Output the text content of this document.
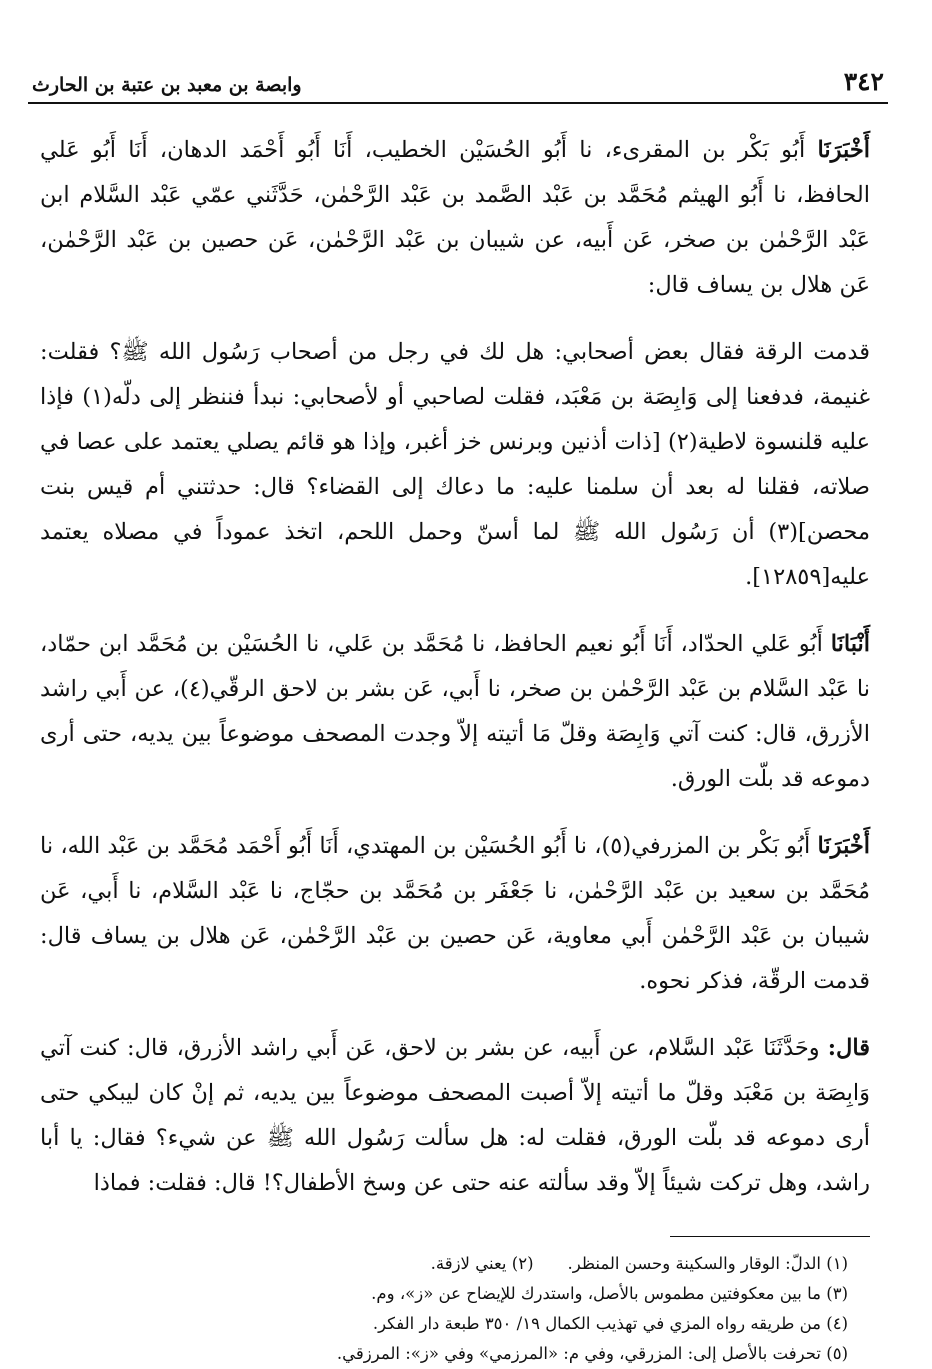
٣٤٢
وابصة بن معبد بن عتبة بن الحارث

أَخْبَرَنَا أَبُو بَكْر بن المقرىء، نا أَبُو الحُسَيْن الخطيب، أَنَا أَبُو أَحْمَد الدهان، أَنَا أَبُو عَلي الحافظ، نا أَبُو الهيثم مُحَمَّد بن عَبْد الصَّمد بن عَبْد الرَّحْمٰن، حَدَّثَني عمّي عَبْد السَّلام ابن عَبْد الرَّحْمٰن بن صخر، عَن أَبيه، عن شيبان بن عَبْد الرَّحْمٰن، عَن حصين بن عَبْد الرَّحْمٰن، عَن هلال بن يساف قال:

قدمت الرقة فقال بعض أصحابي: هل لك في رجل من أصحاب رَسُول الله ﷺ؟ فقلت: غنيمة، فدفعنا إلى وَابِصَة بن مَعْبَد، فقلت لصاحبي أو لأصحابي: نبدأ فننظر إلى دلّه(١) فإذا عليه قلنسوة لاطية(٢) [ذات أذنين وبرنس خز أغبر، وإذا هو قائم يصلي يعتمد على عصا في صلاته، فقلنا له بعد أن سلمنا عليه: ما دعاك إلى القضاء؟ قال: حدثتني أم قيس بنت محصن](٣) أن رَسُول الله ﷺ لما أسنّ وحمل اللحم، اتخذ عموداً في مصلاه يعتمد عليه[١٢٨٥٩].

أَنْبَانَا أَبُو عَلي الحدّاد، أَنَا أَبُو نعيم الحافظ، نا مُحَمَّد بن عَلي، نا الحُسَيْن بن مُحَمَّد ابن حمّاد، نا عَبْد السَّلام بن عَبْد الرَّحْمٰن بن صخر، نا أَبي، عَن بشر بن لاحق الرقّي(٤)، عن أَبي راشد الأزرق، قال: كنت آتي وَابِصَة وقلّ مَا أتيته إلاّ وجدت المصحف موضوعاً بين يديه، حتى أرى دموعه قد بلّت الورق.

أَخْبَرَنَا أَبُو بَكْر بن المزرفي(٥)، نا أَبُو الحُسَيْن بن المهتدي، أَنَا أَبُو أَحْمَد مُحَمَّد بن عَبْد الله، نا مُحَمَّد بن سعيد بن عَبْد الرَّحْمٰن، نا جَعْفَر بن مُحَمَّد بن حجّاج، نا عَبْد السَّلام، نا أَبي، عَن شيبان بن عَبْد الرَّحْمٰن أَبي معاوية، عَن حصين بن عَبْد الرَّحْمٰن، عَن هلال بن يساف قال: قدمت الرقّة، فذكر نحوه.

قال: وحَدَّثَنَا عَبْد السَّلام، عن أَبيه، عن بشر بن لاحق، عَن أَبي راشد الأزرق، قال: كنت آتي وَابِصَة بن مَعْبَد وقلّ ما أتيته إلاّ أصبت المصحف موضوعاً بين يديه، ثم إنْ كان ليبكي حتى أرى دموعه قد بلّت الورق، فقلت له: هل سألت رَسُول الله ﷺ عن شيء؟ فقال: يا أبا راشد، وهل تركت شيئاً إلاّ وقد سألته عنه حتى عن وسخ الأطفال؟! قال: فقلت: فماذا

(١) الدلّ: الوقار والسكينة وحسن المنظر.
(٢) يعني لازقة.
(٣) ما بين معكوفتين مطموس بالأصل، واستدرك للإيضاح عن «ز»، وم.
(٤) من طريقه رواه المزي في تهذيب الكمال ١٩/ ٣٥٠ طبعة دار الفكر.
(٥) تحرفت بالأصل إلى: المزرقي، وفي م: «المرزمي» وفي «ز»: المرزقي.
